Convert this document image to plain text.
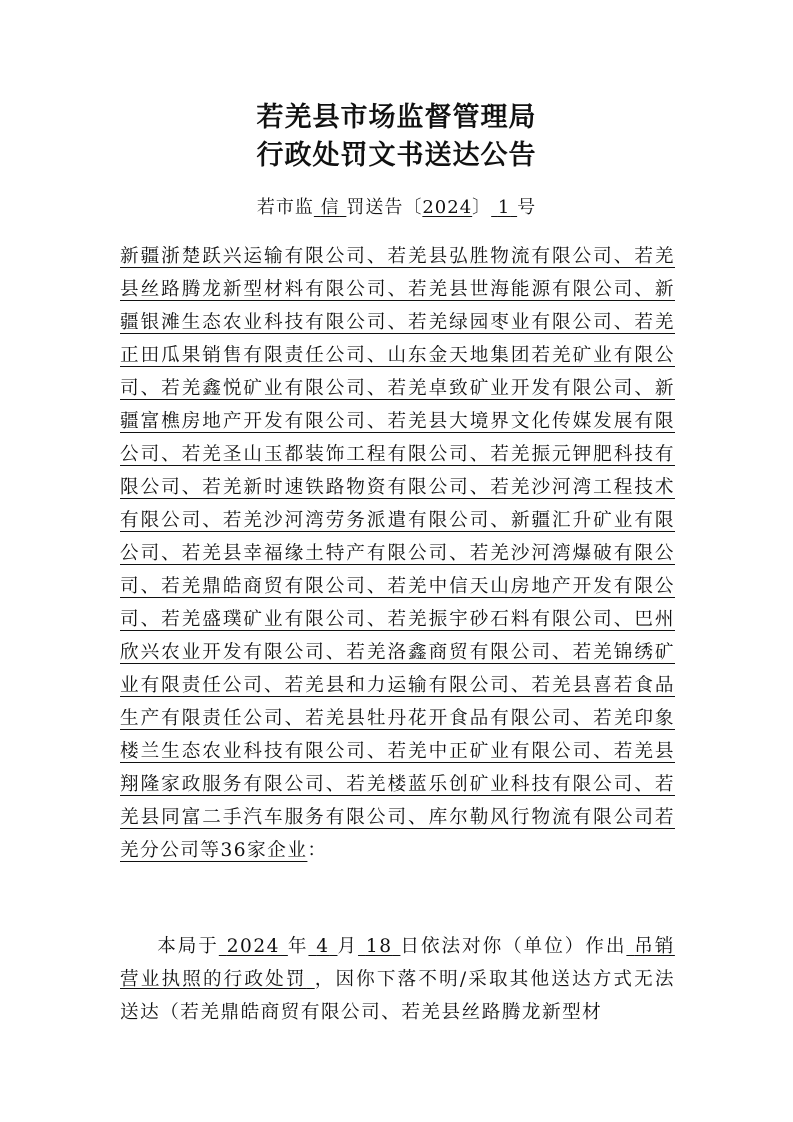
若羌县市场监督管理局
行政处罚文书送达公告
若市监 信 罚送告〔2024〕 1 号
新疆浙楚跃兴运输有限公司、若羌县弘胜物流有限公司、若羌县丝路腾龙新型材料有限公司、若羌县世海能源有限公司、新疆银滩生态农业科技有限公司、若羌绿园枣业有限公司、若羌正田瓜果销售有限责任公司、山东金天地集团若羌矿业有限公司、若羌鑫悦矿业有限公司、若羌卓致矿业开发有限公司、新疆富樵房地产开发有限公司、若羌县大境界文化传媒发展有限公司、若羌圣山玉都装饰工程有限公司、若羌振元钾肥科技有限公司、若羌新时速铁路物资有限公司、若羌沙河湾工程技术有限公司、若羌沙河湾劳务派遣有限公司、新疆汇升矿业有限公司、若羌县幸福缘土特产有限公司、若羌沙河湾爆破有限公司、若羌鼎皓商贸有限公司、若羌中信天山房地产开发有限公司、若羌盛璞矿业有限公司、若羌振宇砂石料有限公司、巴州欣兴农业开发有限公司、若羌洛鑫商贸有限公司、若羌锦绣矿业有限责任公司、若羌县和力运输有限公司、若羌县喜若食品生产有限责任公司、若羌县牡丹花开食品有限公司、若羌印象楼兰生态农业科技有限公司、若羌中正矿业有限公司、若羌县翔隆家政服务有限公司、若羌楼蓝乐创矿业科技有限公司、若羌县同富二手汽车服务有限公司、库尔勒风行物流有限公司若羌分公司等36家企业：
本局于 2024 年 4 月 18 日依法对你（单位）作出 吊销营业执照的行政处罚 ，因你下落不明/采取其他送达方式无法送达（若羌鼎皓商贸有限公司、若羌县丝路腾龙新型材
